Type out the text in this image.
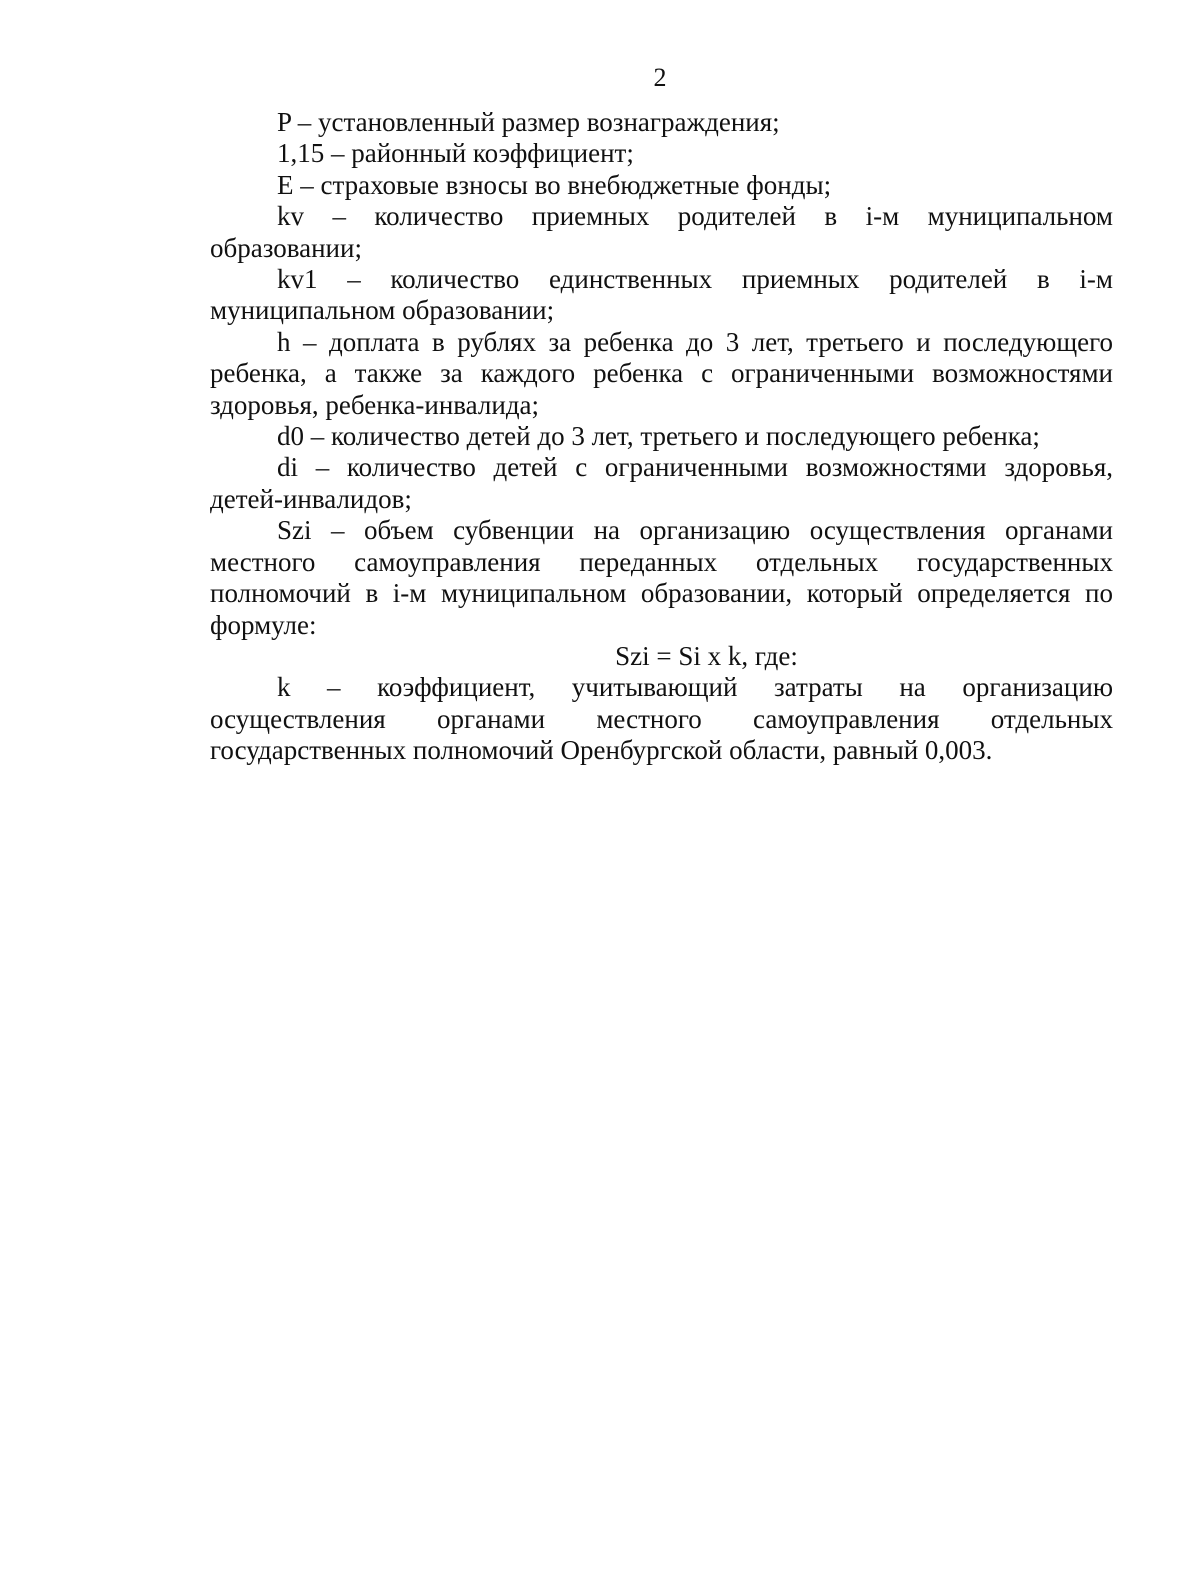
2

P – установленный размер вознаграждения;

1,15 – районный коэффициент;

E – страховые взносы во внебюджетные фонды;

kv – количество приемных родителей в i-м муниципальном образовании;

kv1 – количество единственных приемных родителей в i-м муниципальном образовании;

h – доплата в рублях за ребенка до 3 лет, третьего и последующего ребенка, а также за каждого ребенка с ограниченными возможностями здоровья, ребенка-инвалида;

d0 – количество детей до 3 лет, третьего и последующего ребенка;

di – количество детей с ограниченными возможностями здоровья, детей-инвалидов;

Szi – объем субвенции на организацию осуществления органами местного самоуправления переданных отдельных государственных полномочий в i-м муниципальном образовании, который определяется по формуле:

Szi = Si x k, где:

k – коэффициент, учитывающий затраты на организацию осуществления органами местного самоуправления отдельных государственных полномочий Оренбургской области, равный 0,003.
